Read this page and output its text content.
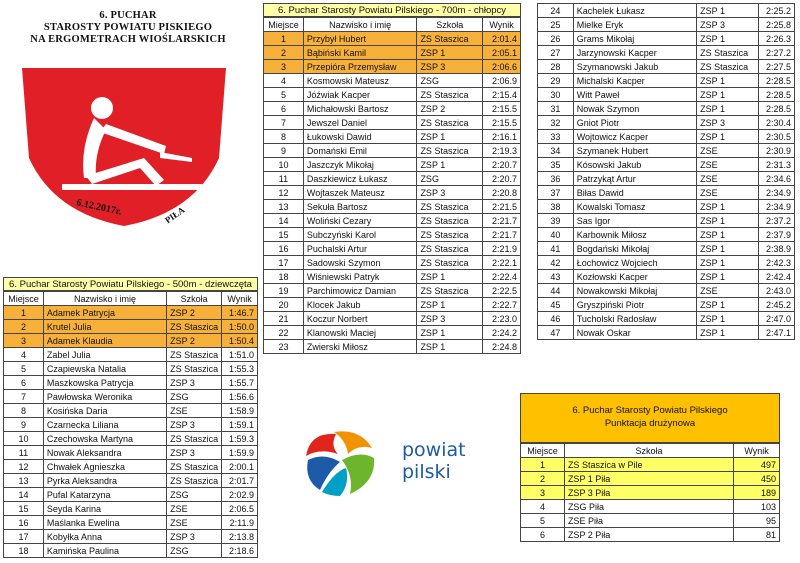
6. PUCHAR
STAROSTY POWIATU PISKIEGO
NA ERGOMETRACH WIOŚLARSKICH
6.12.2017r.	PIŁA
6. Puchar Starosty Powiatu Pilskiego - 500m - dziewczęta
Miejsce	Nazwisko i imię	Szkoła	Wynik
1	Adamek Patrycja	ZSP 2	1:46.7
2	Krutel Julia	ZS Staszica	1:50.0
3	Adamek Klaudia	ZSP 2	1:50.4
4	Zabel Julia	ZS Staszica	1:51.0
5	Czapiewska Natalia	ZS Staszica	1:55.3
6	Maszkowska Patrycja	ZSP 3	1:55.7
7	Pawłowska Weronika	ZSG	1:56.6
8	Kosińska Daria	ZSE	1:58.9
9	Czarnecka Liliana	ZSP 3	1:59.1
10	Czechowska Martyna	ZS Staszica	1:59.3
11	Nowak Aleksandra	ZSP 3	1:59.9
12	Chwałek Agnieszka	ZS Staszica	2:00.1
13	Pyrka Aleksandra	ZS Staszica	2:01.7
14	Pufal Katarzyna	ZSG	2:02.9
15	Seyda Karina	ZSE	2:06.5
16	Maślanka Ewelina	ZSE	2:11.9
17	Kobyłka Anna	ZSP 3	2:13.8
18	Kamińska Paulina	ZSG	2:18.6
6. Puchar Starosty Powiatu Pilskiego - 700m - chłopcy
Miejsce	Nazwisko i imię	Szkoła	Wynik
1	Przybył Hubert	ZS Staszica	2:01.4
2	Bąbiński Kamil	ZSP 1	2:05.1
3	Przepióra Przemysław	ZSP 3	2:06.6
4	Kosmowski Mateusz	ZSG	2:06.9
5	Jóźwiak Kacper	ZS Staszica	2:15.4
6	Michałowski Bartosz	ZSP 2	2:15.5
7	Jewszel Daniel	ZS Staszica	2:15.5
8	Łukowski Dawid	ZSP 1	2:16.1
9	Domański Emil	ZS Staszica	2:19.3
10	Jaszczyk Mikołaj	ZSP 1	2:20.7
11	Daszkiewicz Łukasz	ZSG	2:20.7
12	Wojtaszek Mateusz	ZSP 3	2:20.8
13	Sekuła Bartosz	ZS Staszica	2:21.5
14	Woliński Cezary	ZS Staszica	2:21.7
15	Subczyński Karol	ZS Staszica	2:21.7
16	Puchalski Artur	ZS Staszica	2:21.9
17	Sadowski Szymon	ZS Staszica	2:22.1
18	Wiśniewski Patryk	ZSP 1	2:22.4
19	Parchimowicz Damian	ZS Staszica	2:22.5
20	Klocek Jakub	ZSP 1	2:22.7
21	Koczur Norbert	ZSP 3	2:23.0
22	Klanowski Maciej	ZSP 1	2:24.2
23	Zwierski Miłosz	ZSP 1	2:24.8
24	Kachelek Łukasz	ZSP 1	2:25.2
25	Mielke Eryk	ZSP 3	2:25.8
26	Grams Mikołaj	ZSP 1	2:26.3
27	Jarzynowski Kacper	ZS Staszica	2:27.2
28	Szymanowski Jakub	ZS Staszica	2:27.5
29	Michalski Kacper	ZSP 1	2:28.5
30	Witt Paweł	ZSP 1	2:28.5
31	Nowak Szymon	ZSP 1	2:28.5
32	Gniot Piotr	ZSP 3	2:30.4
33	Wojtowicz Kacper	ZSP 1	2:30.5
34	Szymanek Hubert	ZSE	2:30.9
35	Kósowski Jakub	ZSE	2:31.3
36	Patrzykąt Artur	ZSE	2:34.6
37	Biłas Dawid	ZSE	2:34.9
38	Kowalski Tomasz	ZSP 1	2:34.9
39	Sas Igor	ZSP 1	2:37.2
40	Karbownik Miłosz	ZSP 1	2:37.9
41	Bogdański Mikołaj	ZSP 1	2:38.9
42	Łochowicz Wojciech	ZSP 1	2:42.3
43	Kozłowski Kacper	ZSP 1	2:42.4
44	Nowakowski Mikołaj	ZSE	2:43.0
45	Gryszpiński Piotr	ZSP 1	2:45.2
46	Tucholski Radosław	ZSP 1	2:47.0
47	Nowak Oskar	ZSP 1	2:47.1
powiat
pilski
6. Puchar Starosty Powiatu Pilskiego
Punktacja drużynowa
Miejsce	Szkoła	Wynik
1	ZS Staszica w Pile	497
2	ZSP 1 Piła	450
3	ZSP 3 Piła	189
4	ZSG Piła	103
5	ZSE Piła	95
6	ZSP 2 Piła	81
